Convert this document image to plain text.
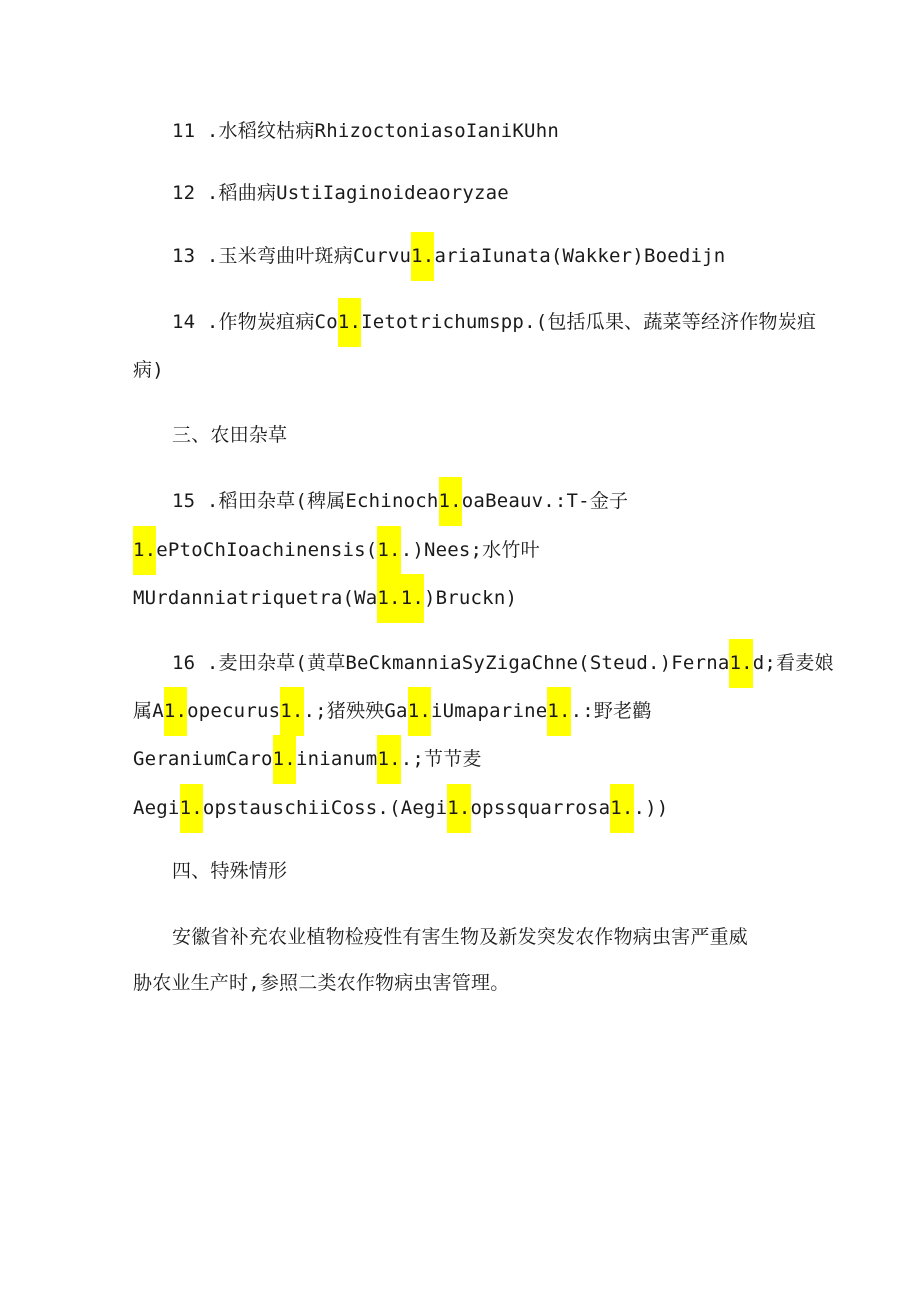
11 .水稻纹枯病RhizoctoniasoIaniKUhn
12 .稻曲病UstiIaginoideaoryzae
13 .玉米弯曲叶斑病Curvu1.ariaIunata(Wakker)Boedijn
14 .作物炭疽病Co1.Ietotrichumspp.(包括瓜果、蔬菜等经济作物炭疽
病)
三、农田杂草
15 .稻田杂草(稗属Echinoch1.oaBeauv.:T-金子
1.ePtoChIoachinensis(1..)Nees;水竹叶
MUrdanniatriquetra(Wa1.1.)Bruckn)
16 .麦田杂草(黄草BeCkmanniaSyZigaChne(Steud.)Ferna1.d;看麦娘
属A1.opecurus1..;猪殃殃Ga1.iUmaparine1..:野老鹳
GeraniumCaro1.inianum1..;节节麦
Aegi1.opstauschiiCoss.(Aegi1.opssquarrosa1..))
四、特殊情形
安徽省补充农业植物检疫性有害生物及新发突发农作物病虫害严重威
胁农业生产时,参照二类农作物病虫害管理。
